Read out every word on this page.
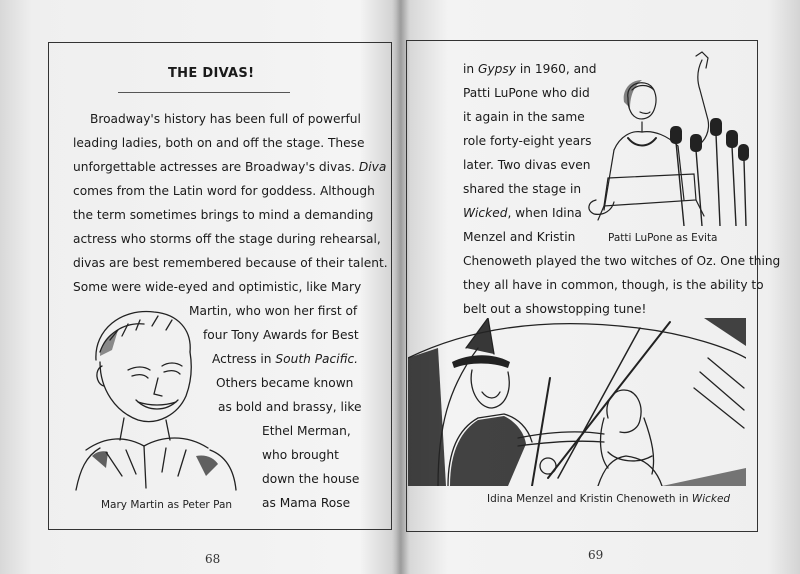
THE DIVAS!
Broadway's history has been full of powerful
leading ladies, both on and off the stage. These
unforgettable actresses are Broadway's divas. Diva
comes from the Latin word for goddess. Although
the term sometimes brings to mind a demanding
actress who storms off the stage during rehearsal,
divas are best remembered because of their talent.
Some were wide-eyed and optimistic, like Mary
Martin, who won her first of
four Tony Awards for Best
Actress in South Pacific.
Others became known
as bold and brassy, like
Ethel Merman,
who brought
down the house
as Mama Rose
Mary Martin as Peter Pan
68
in Gypsy in 1960, and
Patti LuPone who did
it again in the same
role forty-eight years
later. Two divas even
shared the stage in
Wicked, when Idina
Menzel and Kristin
Chenoweth played the two witches of Oz. One thing
they all have in common, though, is the ability to
belt out a showstopping tune!
Patti LuPone as Evita
Idina Menzel and Kristin Chenoweth in Wicked
69
